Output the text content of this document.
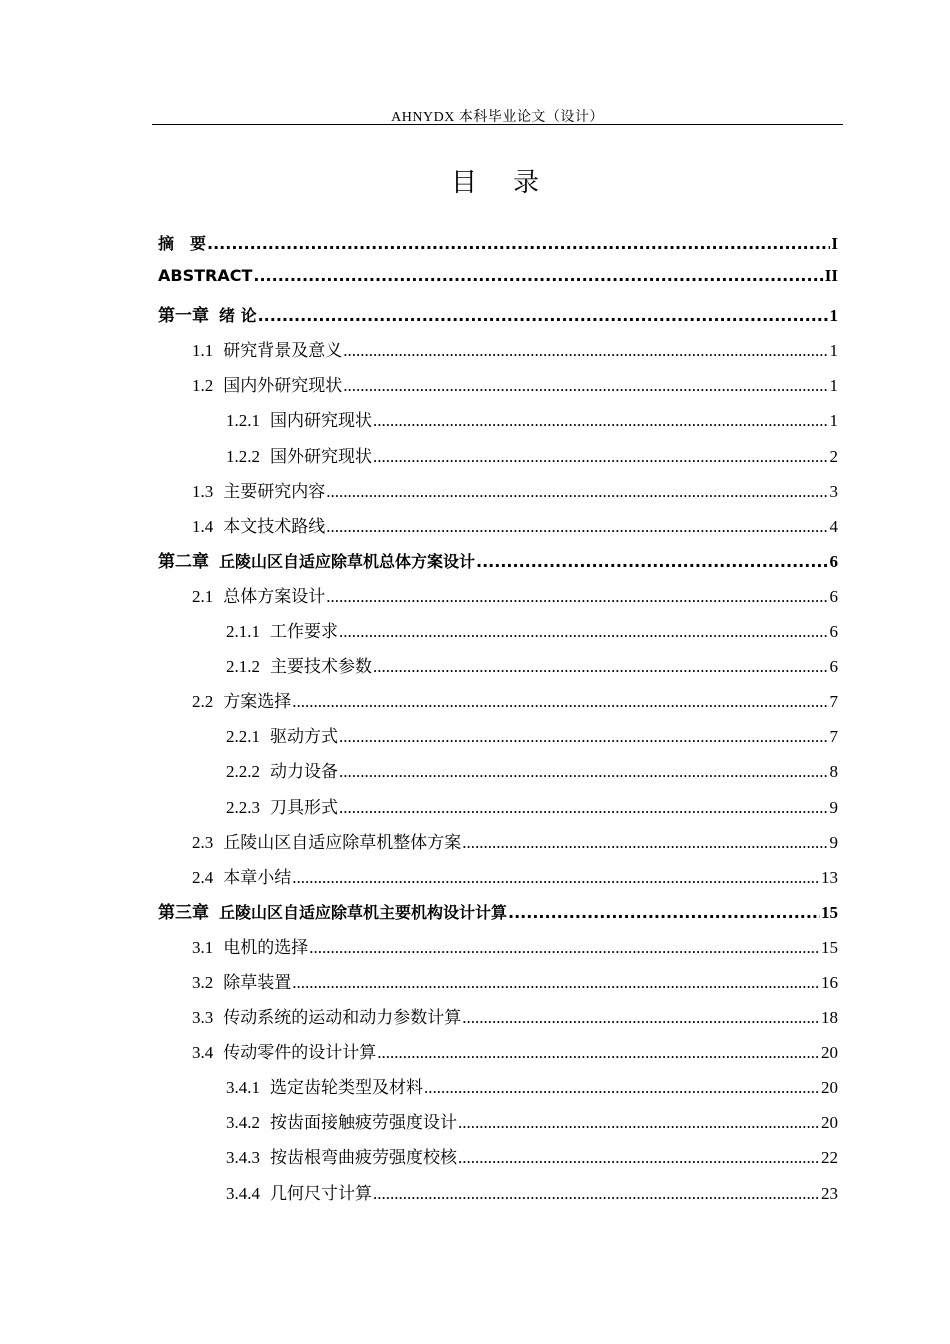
AHNYDX 本科毕业论文（设计）
目 录
摘　要 .....	I
ABSTRACT .....	II
第一章 绪 论 .....	1
1.1 研究背景及意义 .....	1
1.2 国内外研究现状 .....	1
1.2.1 国内研究现状 .....	1
1.2.2 国外研究现状 .....	2
1.3 主要研究内容 .....	3
1.4 本文技术路线 .....	4
第二章 丘陵山区自适应除草机总体方案设计 .....	6
2.1 总体方案设计 .....	6
2.1.1 工作要求 .....	6
2.1.2 主要技术参数 .....	6
2.2 方案选择 .....	7
2.2.1 驱动方式 .....	7
2.2.2 动力设备 .....	8
2.2.3 刀具形式 .....	9
2.3 丘陵山区自适应除草机整体方案 .....	9
2.4 本章小结 .....	13
第三章 丘陵山区自适应除草机主要机构设计计算 .....	15
3.1 电机的选择 .....	15
3.2 除草装置 .....	16
3.3 传动系统的运动和动力参数计算 .....	18
3.4 传动零件的设计计算 .....	20
3.4.1 选定齿轮类型及材料 .....	20
3.4.2 按齿面接触疲劳强度设计 .....	20
3.4.3 按齿根弯曲疲劳强度校核 .....	22
3.4.4 几何尺寸计算 .....	23
